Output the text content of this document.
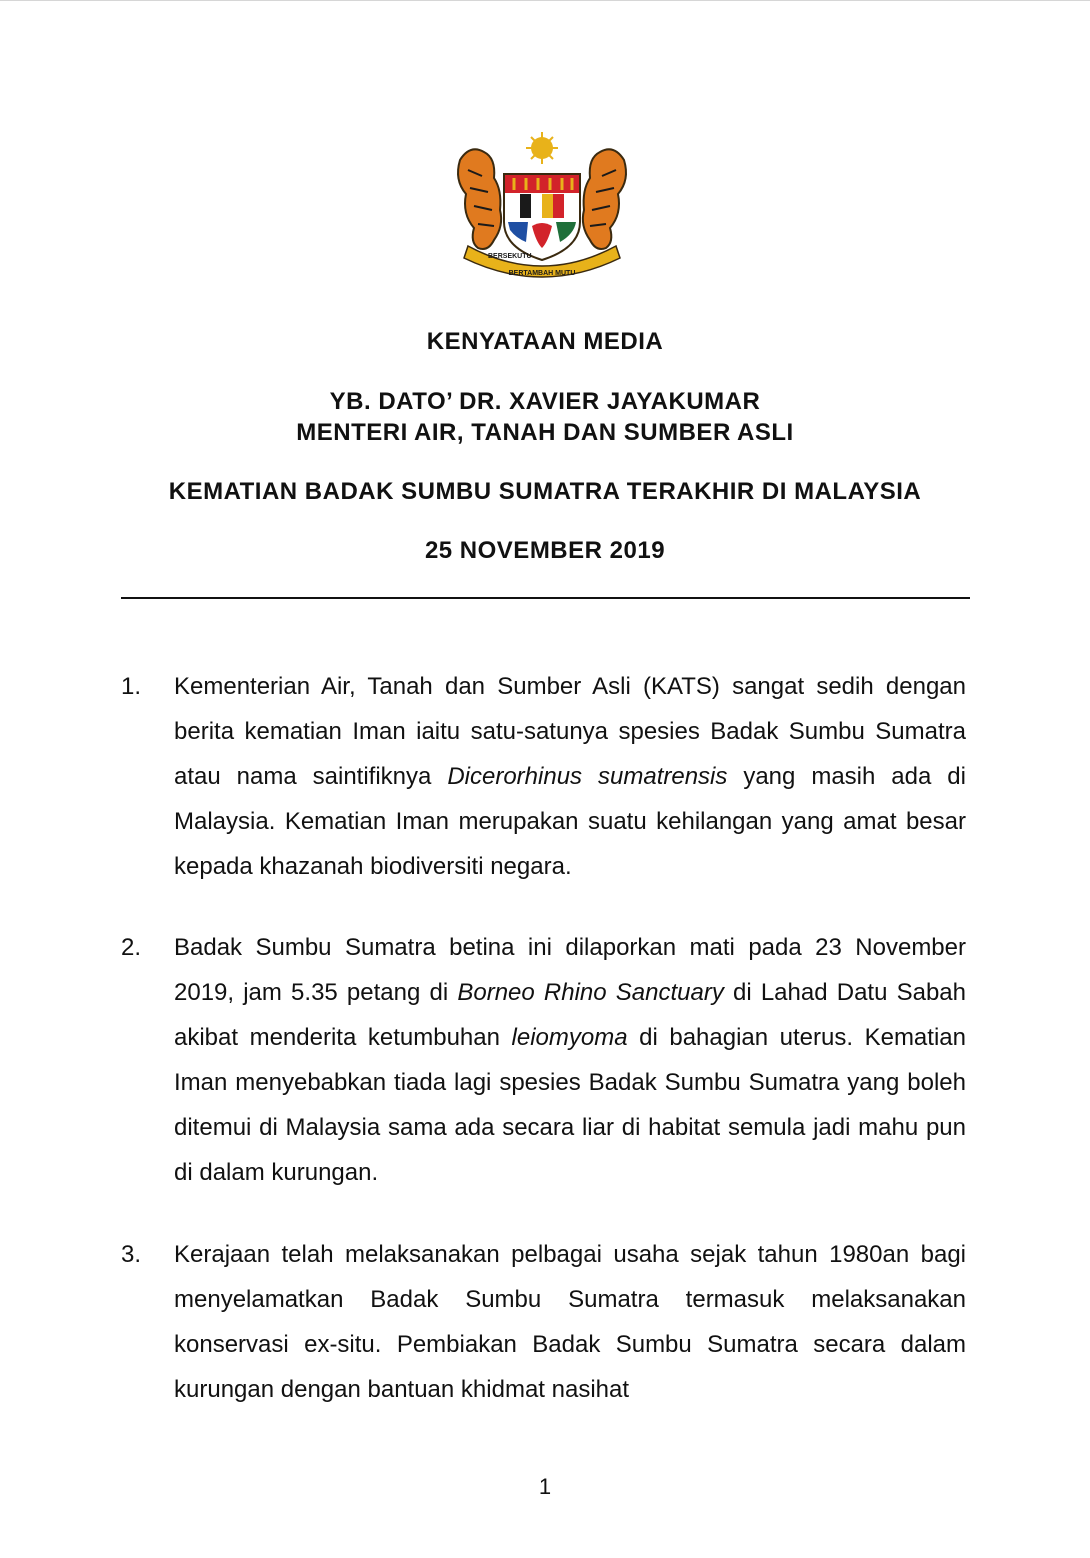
BERSEKUTU
BERTAMBAH MUTU
KENYATAAN MEDIA
YB. DATO’ DR. XAVIER JAYAKUMAR
MENTERI AIR, TANAH DAN SUMBER ASLI
KEMATIAN BADAK SUMBU SUMATRA TERAKHIR DI MALAYSIA
25 NOVEMBER 2019
1.	Kementerian Air, Tanah dan Sumber Asli (KATS) sangat sedih dengan berita kematian Iman iaitu satu-satunya spesies Badak Sumbu Sumatra atau nama saintifiknya Dicerorhinus sumatrensis yang masih ada di Malaysia. Kematian Iman merupakan suatu kehilangan yang amat besar kepada khazanah biodiversiti negara.
2.	Badak Sumbu Sumatra betina ini dilaporkan mati pada 23 November 2019, jam 5.35 petang di Borneo Rhino Sanctuary di Lahad Datu Sabah akibat menderita ketumbuhan leiomyoma di bahagian uterus. Kematian Iman menyebabkan tiada lagi spesies Badak Sumbu Sumatra yang boleh ditemui di Malaysia sama ada secara liar di habitat semula jadi mahu pun di dalam kurungan.
3.	Kerajaan telah melaksanakan pelbagai usaha sejak tahun 1980an bagi menyelamatkan Badak Sumbu Sumatra termasuk melaksanakan konservasi ex-situ. Pembiakan Badak Sumbu Sumatra secara dalam kurungan dengan bantuan khidmat nasihat
1
